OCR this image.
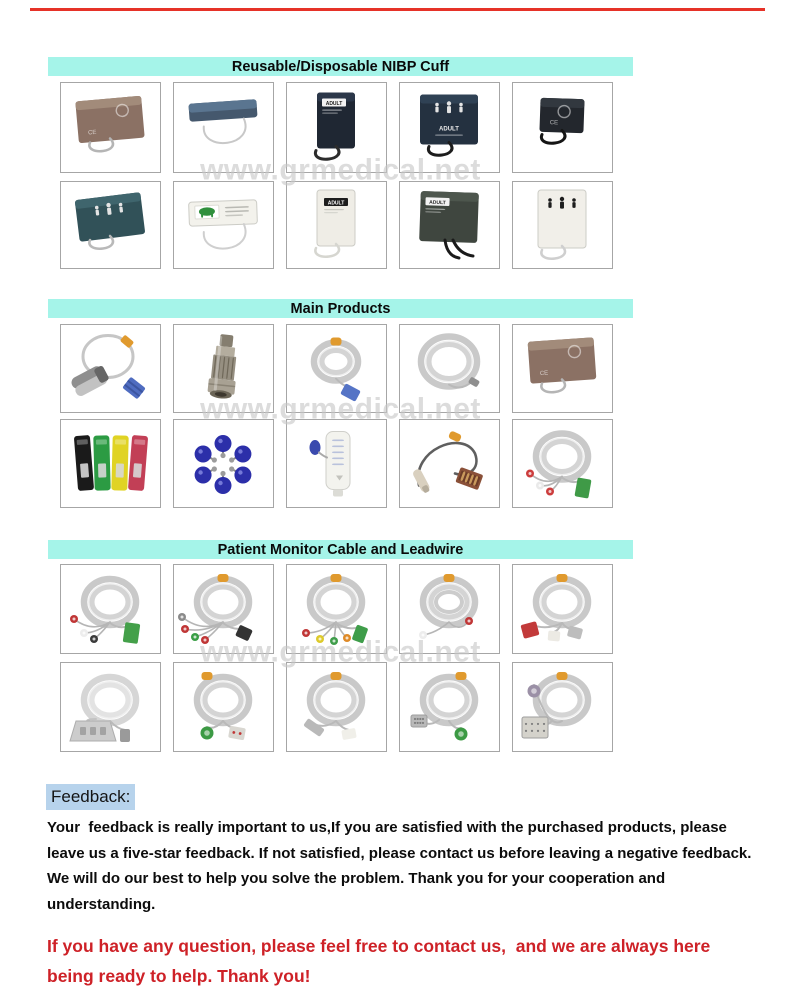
Reusable/Disposable NIBP Cuff
CE
ADULT
ADULT
CE
ADULT	ADULT
www.grmedical.net
Main Products
CE
www.grmedical.net
Patient Monitor Cable and Leadwire
www.grmedical.net
Feedback:

Your  feedback is really important to us,If you are satisfied with the purchased products, please leave us a five-star feedback. If not satisfied, please contact us before leaving a negative feedback. We will do our best to help you solve the problem. Thank you for your cooperation and understanding.

If you have any question, please feel free to contact us,  and we are always here being ready to help. Thank you!
